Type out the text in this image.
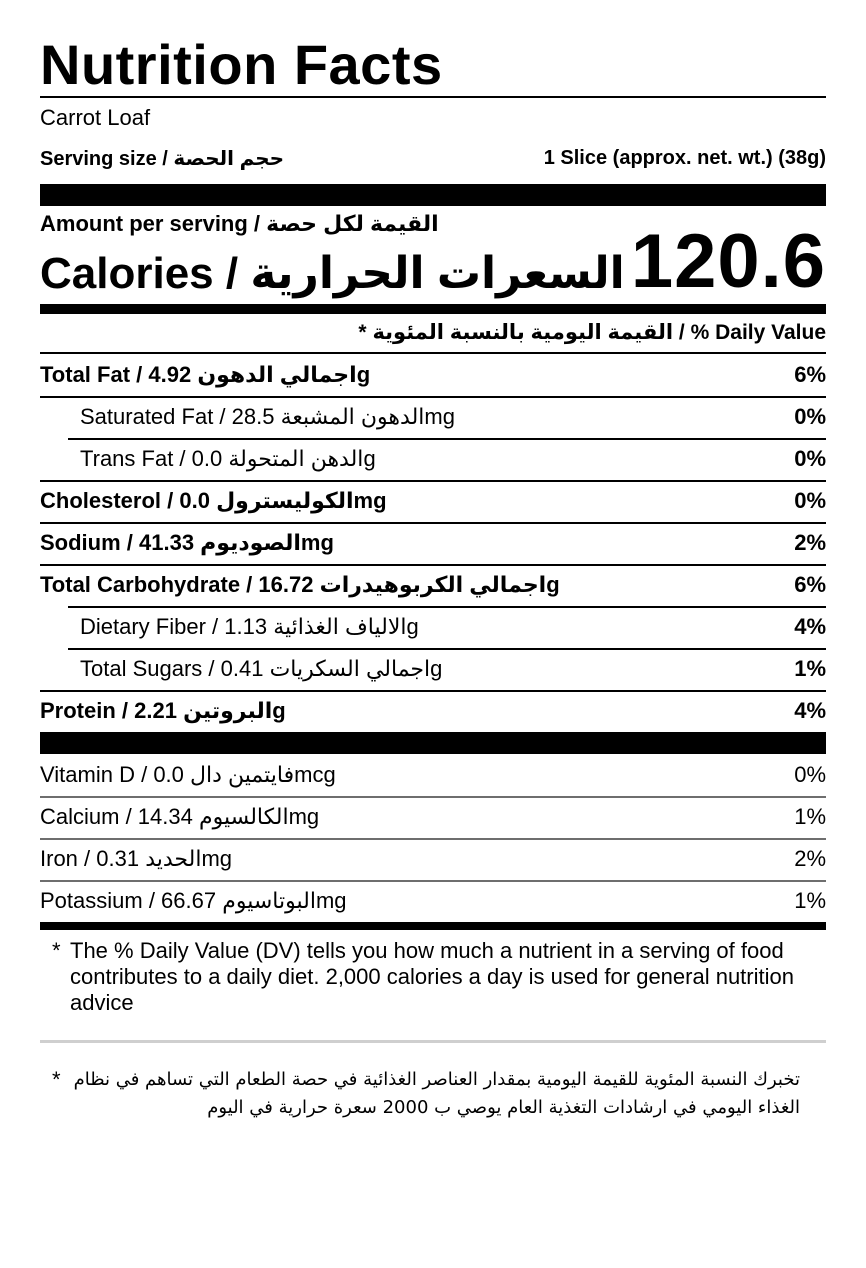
Nutrition Facts
Carrot Loaf
Serving size / حجم الحصة	1 Slice (approx. net. wt.) (38g)
Amount per serving / القيمة لكل حصة
Calories / السعرات الحرارية 120.6
* القيمة اليومية بالنسبة المئوية / % Daily Value
Total Fat / اجمالي الدهون 4.92g	6%
Saturated Fat / الدهون المشبعة 28.5mg	0%
Trans Fat / الدهن المتحولة 0.0g	0%
Cholesterol / الكوليسترول 0.0mg	0%
Sodium / الصوديوم 41.33mg	2%
Total Carbohydrate / اجمالي الكربوهيدرات 16.72g	6%
Dietary Fiber / الالياف الغذائية 1.13g	4%
Total Sugars / اجمالي السكريات 0.41g	1%
Protein / البروتين 2.21g	4%
Vitamin D / فايتمين دال 0.0mcg	0%
Calcium / الكالسيوم 14.34mg	1%
Iron / الحديد 0.31mg	2%
Potassium / البوتاسيوم 66.67mg	1%
* The % Daily Value (DV) tells you how much a nutrient in a serving of food contributes to a daily diet. 2,000 calories a day is used for general nutrition advice
* تخبرك النسبة المئوية للقيمة اليومية بمقدار العناصر الغذائية في حصة الطعام التي تساهم في نظام الغذاء اليومي في ارشادات التغذية العام يوصي ب 2000 سعرة حرارية في اليوم
